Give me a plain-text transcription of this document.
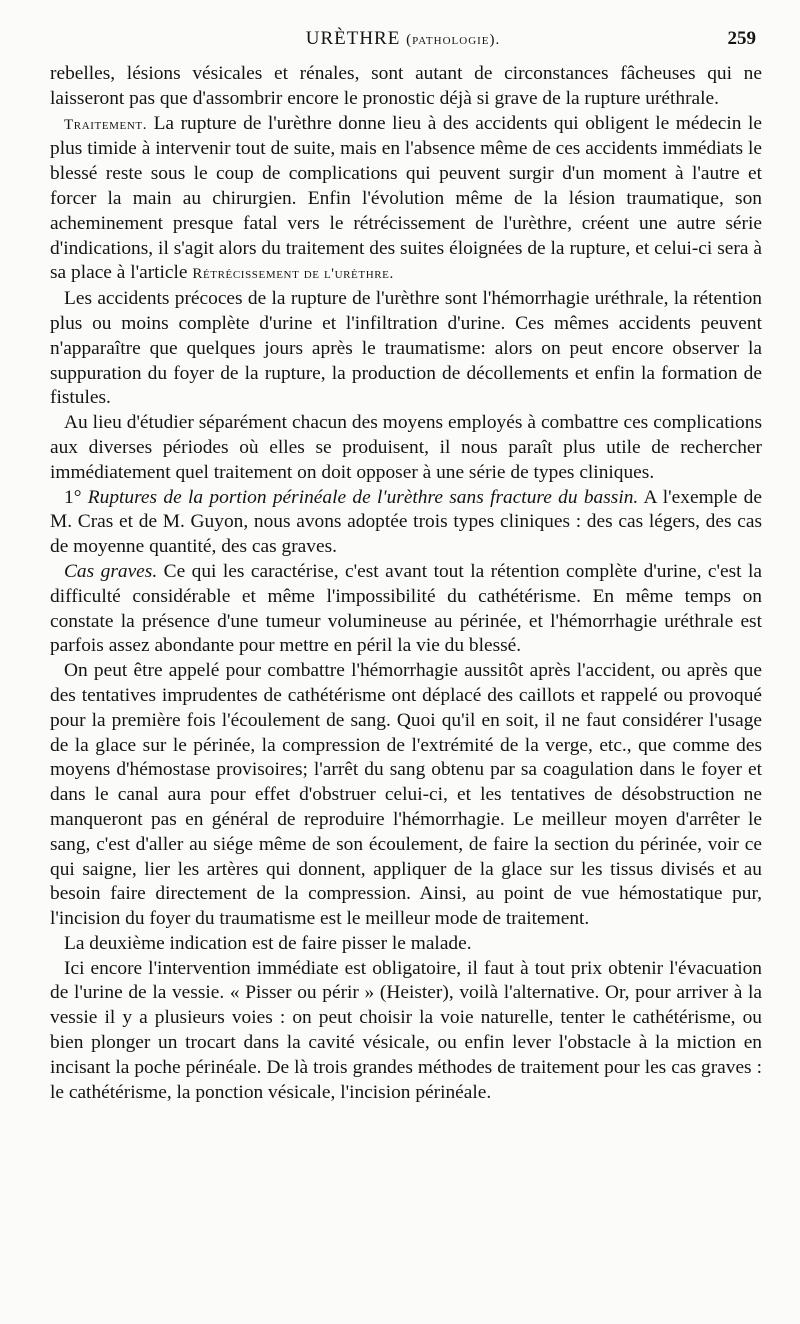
URÈTHRE (pathologie).	259

rebelles, lésions vésicales et rénales, sont autant de circonstances fâcheuses qui ne laisseront pas que d'assombrir encore le pronostic déjà si grave de la rupture uréthrale.

Traitement. La rupture de l'urèthre donne lieu à des accidents qui obligent le médecin le plus timide à intervenir tout de suite, mais en l'absence même de ces accidents immédiats le blessé reste sous le coup de complications qui peuvent surgir d'un moment à l'autre et forcer la main au chirurgien. Enfin l'évolution même de la lésion traumatique, son acheminement presque fatal vers le rétrécissement de l'urèthre, créent une autre série d'indications, il s'agit alors du traitement des suites éloignées de la rupture, et celui-ci sera à sa place à l'article Rétrécissement de l'urèthre.

Les accidents précoces de la rupture de l'urèthre sont l'hémorrhagie uréthrale, la rétention plus ou moins complète d'urine et l'infiltration d'urine. Ces mêmes accidents peuvent n'apparaître que quelques jours après le traumatisme: alors on peut encore observer la suppuration du foyer de la rupture, la production de décollements et enfin la formation de fistules.

Au lieu d'étudier séparément chacun des moyens employés à combattre ces complications aux diverses périodes où elles se produisent, il nous paraît plus utile de rechercher immédiatement quel traitement on doit opposer à une série de types cliniques.

1° Ruptures de la portion périnéale de l'urèthre sans fracture du bassin. A l'exemple de M. Cras et de M. Guyon, nous avons adoptée trois types cliniques : des cas légers, des cas de moyenne quantité, des cas graves.

Cas graves. Ce qui les caractérise, c'est avant tout la rétention complète d'urine, c'est la difficulté considérable et même l'impossibilité du cathétérisme. En même temps on constate la présence d'une tumeur volumineuse au périnée, et l'hémorrhagie uréthrale est parfois assez abondante pour mettre en péril la vie du blessé.

On peut être appelé pour combattre l'hémorrhagie aussitôt après l'accident, ou après que des tentatives imprudentes de cathétérisme ont déplacé des caillots et rappelé ou provoqué pour la première fois l'écoulement de sang. Quoi qu'il en soit, il ne faut considérer l'usage de la glace sur le périnée, la compression de l'extrémité de la verge, etc., que comme des moyens d'hémostase provisoires; l'arrêt du sang obtenu par sa coagulation dans le foyer et dans le canal aura pour effet d'obstruer celui-ci, et les tentatives de désobstruction ne manqueront pas en général de reproduire l'hémorrhagie. Le meilleur moyen d'arrêter le sang, c'est d'aller au siége même de son écoulement, de faire la section du périnée, voir ce qui saigne, lier les artères qui donnent, appliquer de la glace sur les tissus divisés et au besoin faire directement de la compression. Ainsi, au point de vue hémostatique pur, l'incision du foyer du traumatisme est le meilleur mode de traitement.

La deuxième indication est de faire pisser le malade.

Ici encore l'intervention immédiate est obligatoire, il faut à tout prix obtenir l'évacuation de l'urine de la vessie. « Pisser ou périr » (Heister), voilà l'alternative. Or, pour arriver à la vessie il y a plusieurs voies : on peut choisir la voie naturelle, tenter le cathétérisme, ou bien plonger un trocart dans la cavité vésicale, ou enfin lever l'obstacle à la miction en incisant la poche périnéale. De là trois grandes méthodes de traitement pour les cas graves : le cathétérisme, la ponction vésicale, l'incision périnéale.
